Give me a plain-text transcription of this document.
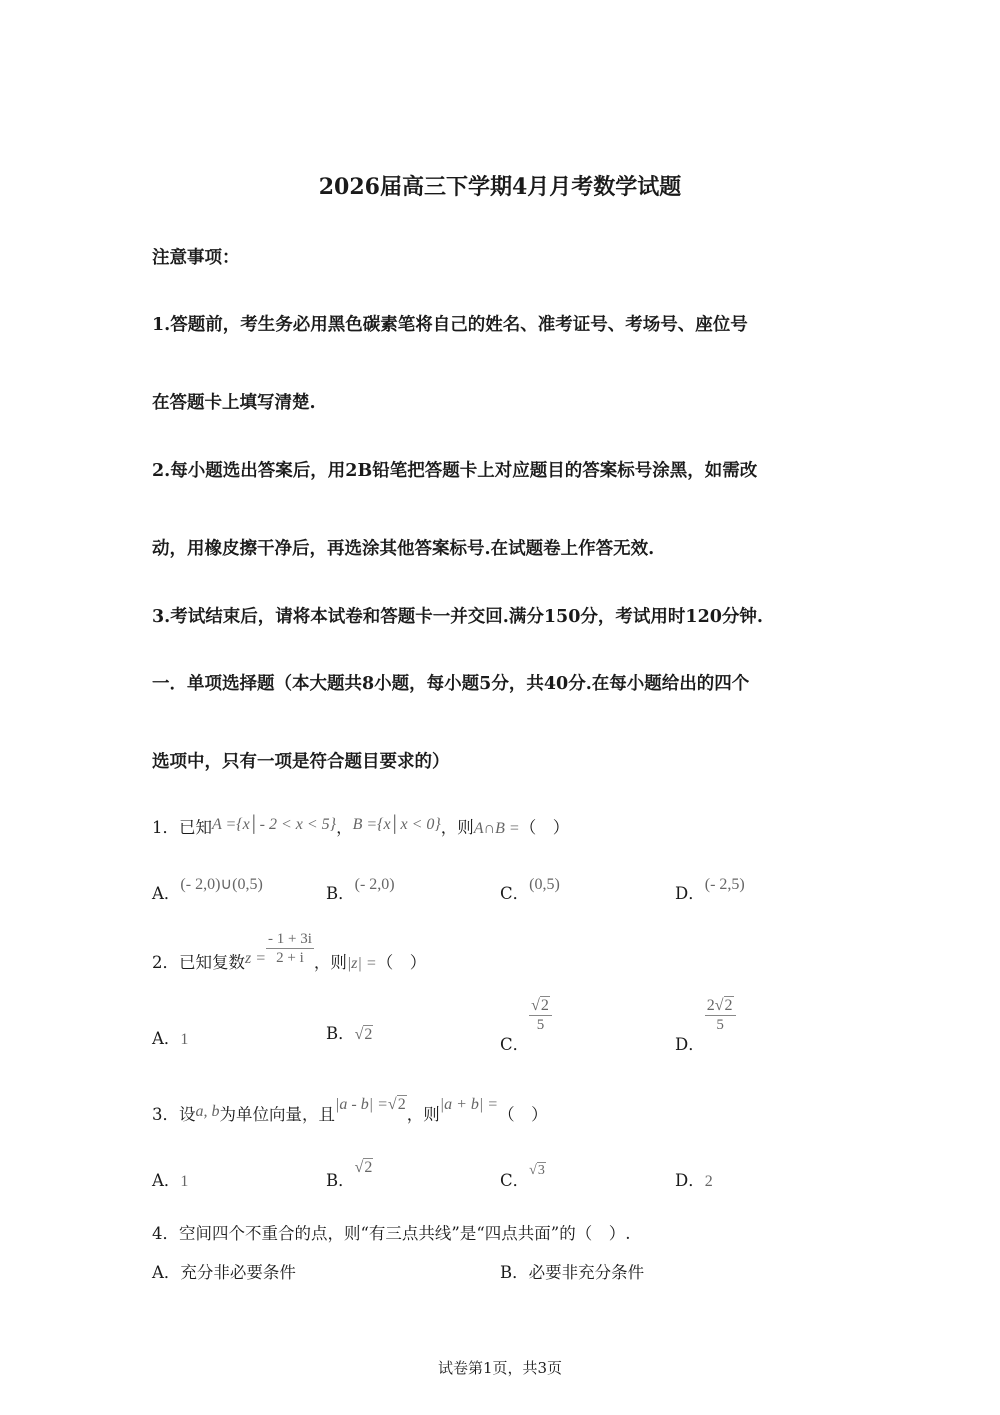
2026届高三下学期4月月考数学试题
注意事项：
1.答题前，考生务必用黑色碳素笔将自己的姓名、准考证号、考场号、座位号
在答题卡上填写清楚.
2.每小题选出答案后，用2B铅笔把答题卡上对应题目的答案标号涂黑，如需改
动，用橡皮擦干净后，再选涂其他答案标号.在试题卷上作答无效.
3.考试结束后，请将本试卷和答题卡一并交回.满分150分，考试用时120分钟.
一．单项选择题（本大题共8小题，每小题5分，共40分.在每小题给出的四个
选项中，只有一项是符合题目要求的）
1．已知A ={x│- 2 < x < 5}，B ={x│x < 0}，则A∩B =（　）
A．(- 2,0)∪(0,5)	B．(- 2,0)	C．(0,5)	D．(- 2,5)
2．已知复数$z = \frac{- 1 + 3i}{2 + i}$ ，则|z| =（　）
A．1	B．√2
C．
$\frac{√2}{5}$
D．
$\frac{2√2}{5}$
3．设a, b为单位向量，且|a - b| =√2，则|a + b| =（　）
A．1	B．√2
C．$^{√3}$
D．2
4．空间四个不重合的点，则“有三点共线”是“四点共面”的（　）.
A．充分非必要条件	B．必要非充分条件
试卷第1页，共3页
